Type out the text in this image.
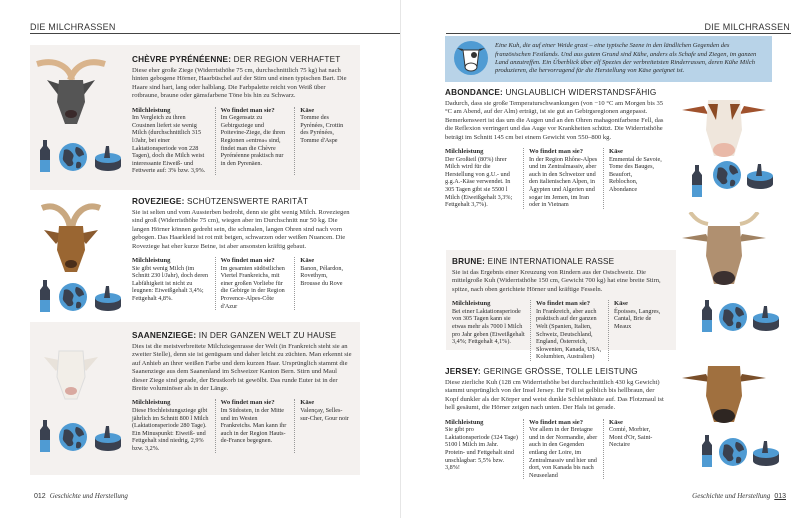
DIE MILCHRASSEN
CHÈVRE PYRÉNÉENNE: DER REGION VERHAFTET
Diese eher große Ziege (Widerristhöhe 75 cm, durchschnittlich 75 kg) hat nach hinten gebogene Hörner, Haarbüschel auf der Stirn und einen typischen Bart. Die Haare sind hart, lang oder halblang. Die Farbpalette reicht von Weiß über rotbraune, braune oder gämsfarbene Töne bis hin zu Schwarz.
Milchleistung
Im Vergleich zu ihren Cousinen liefert sie wenig Milch (durchschnittlich 315 l/Jahr, bei einer Laktationsperiode von 228 Tagen), doch die Milch weist interessante Eiweiß- und Fettwerte auf: 3% bzw. 3,9%.
Wo findet man sie?
Im Gegensatz zu Gebirgsziege und Poitevine-Ziege, die ihren Regionen »entrea« sind, findet man die Chèvre Pyrénéenne praktisch nur in den Pyrenäen.
Käse
Tomme des Pyrénées, Crottin des Pyrénées, Tomme d'Aspe
ROVEZIEGE: SCHÜTZENSWERTE RARITÄT
Sie ist selten und vom Aussterben bedroht, denn sie gibt wenig Milch. Roveziegen sind groß (Widerristhöhe 75 cm), wiegen aber im Durchschnitt nur 50 kg. Die langen Hörner können gedreht sein, die schmalen, langen Ohren sind nach vorn gebogen. Das Haarkleid ist rot mit beigen, schwarzen oder weißen Nuancen. Die Roveziege hat eher kurze Beine, ist aber ansonsten kräftig gebaut.
Milchleistung
Sie gibt wenig Milch (im Schnitt 230 l/Jahr), doch deren Labfähigkeit ist nicht zu leugnen: Eiweißgehalt 3,4%; Fettgehalt 4,8%.
Wo findet man sie?
Im gesamten südöstlichen Viertel Frankreichs, mit einer großen Vorliebe für die Gebirge in der Region Provence-Alpes-Côte d'Azur
Käse
Banon, Pélardon, Rovethym, Brousse du Rove
SAANENZIEGE: IN DER GANZEN WELT ZU HAUSE
Dies ist die meistverbreitete Milchziegenrasse der Welt (in Frankreich steht sie an zweiter Stelle), denn sie ist genügsam und daher leicht zu züchten. Man erkennt sie auf Anhieb an ihrer weißen Farbe und dem kurzen Haar. Ursprünglich stammt die Saanenziege aus dem Saanenland im Schweizer Kanton Bern. Stirn und Maul dieser Ziege sind gerade, der Brustkorb ist gewölbt. Das runde Euter ist in der Breite voluminöser als in der Länge.
Milchleistung
Diese Hochleistungsziege gibt jährlich im Schnitt 800 l Milch (Laktationsperiode 280 Tage). Ein Minuspunkt: Eiweiß- und Fettgehalt sind niedrig, 2,9% bzw. 3,2%.
Wo findet man sie?
Im Südosten, in der Mitte und im Westen Frankreichs. Man kann ihr auch in der Region Hauts-de-France begegnen.
Käse
Valençay, Selles-sur-Cher, Gour noir
012 Geschichte und Herstellung
DIE MILCHRASSEN

Eine Kuh, die auf einer Weide grast – eine typische Szene in den ländlichen Gegenden des französischen Festlands. Und aus gutem Grund sind Kühe, anders als Schafe und Ziegen, im ganzen Land anzutreffen. Ein Überblick über elf Spezies der verbreitetsten Rinderrassen, deren Kühe Milch produzieren, die hervorragend für die Herstellung von Käse geeignet ist.

ABONDANCE: UNGLAUBLICH WIDERSTANDSFÄHIG
Dadurch, dass sie große Temperaturschwankungen (von −10 °C am Morgen bis 35 °C am Abend, auf der Alm) erträgt, ist sie gut an Gebirgsregionen angepasst. Bemerkenswert ist das um die Augen und an den Ohren mahagonifarbene Fell, das die Reflexion verringert und das Auge vor Krankheiten schützt. Die Widerristhöhe beträgt im Schnitt 145 cm bei einem Gewicht von 550–800 kg.
Milchleistung
Der Großteil (80%) ihrer Milch wird für die Herstellung von g.U.- und g.g.A.-Käse verwendet. In 305 Tagen gibt sie 5500 l Milch (Eiweißgehalt 3,3%; Fettgehalt 3,7%).
Wo findet man sie?
In der Region Rhône-Alpes und im Zentralmassiv, aber auch in den Schweizer und den italienischen Alpen, in Ägypten und Algerien und sogar im Jemen, im Iran oder in Vietnam
Käse
Emmental de Savoie, Tome des Bauges, Beaufort, Reblochon, Abondance
BRUNE: EINE INTERNATIONALE RASSE
Sie ist das Ergebnis einer Kreuzung von Rindern aus der Ostschweiz. Die mittelgroße Kuh (Widerristhöhe 150 cm, Gewicht 700 kg) hat eine breite Stirn, spitze, nach oben gerichtete Hörner und kräftige Fesseln.
Milchleistung
Bei einer Laktationsperiode von 305 Tagen kann sie etwas mehr als 7000 l Milch pro Jahr geben (Eiweißgehalt 3,4%; Fettgehalt 4,1%).
Wo findet man sie?
In Frankreich, aber auch praktisch auf der ganzen Welt (Spanien, Italien, Schweiz, Deutschland, England, Österreich, Slowenien, Kanada, USA, Kolumbien, Australien)
Käse
Époisses, Langres, Cantal, Brie de Meaux
JERSEY: GERINGE GRÖSSE, TOLLE LEISTUNG
Diese zierliche Kuh (128 cm Widerristhöhe bei durchschnittlich 430 kg Gewicht) stammt ursprünglich von der Insel Jersey. Ihr Fell ist gelblich bis hellbraun, der Kopf dunkler als der Körper und weist dunkle Schleimhäute auf. Das Flotzmaul ist hell gesäumt, die Hörner zeigen nach unten. Der Hals ist gerade.
Milchleistung
Sie gibt pro Laktationsperiode (324 Tage) 5100 l Milch im Jahr. Protein- und Fettgehalt sind unschlagbar: 5,5% bzw. 3,8%!
Wo findet man sie?
Vor allem in der Bretagne und in der Normandie, aber auch in den Gegenden entlang der Loire, im Zentralmassiv und hier und dort, von Kanada bis nach Neuseeland
Käse
Comté, Morbier, Mont d'Or, Saint-Nectaire
Geschichte und Herstellung 013
